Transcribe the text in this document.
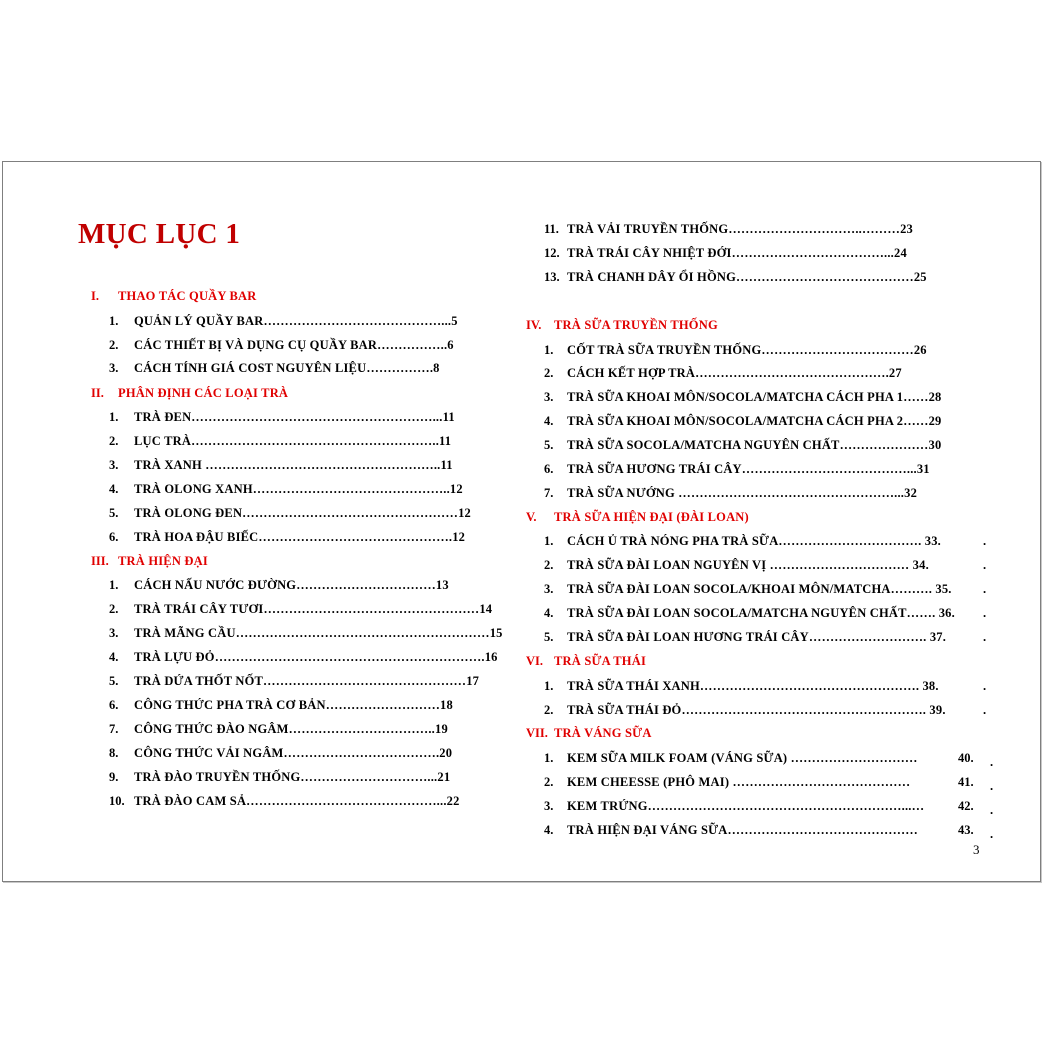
MỤC LỤC 1
I. THAO TÁC QUẦY BAR
1. QUẢN LÝ QUẦY BAR……………………………………...5
2. CÁC THIẾT BỊ VÀ DỤNG CỤ QUẦY BAR……………..6
3. CÁCH TÍNH GIÁ COST NGUYÊN LIỆU…………….8
II. PHÂN ĐỊNH CÁC LOẠI TRÀ
1. TRÀ ĐEN…………………………………………………...11
2. LỤC TRÀ…………………………………………………..11
3. TRÀ XANH ………………………………………………..11
4. TRÀ OLONG XANH………………………………………..12
5. TRÀ OLONG ĐEN……………………………………………12
6. TRÀ HOA ĐẬU BIẾC……………………………………….12
III. TRÀ HIỆN ĐẠI
1. CÁCH NẤU NƯỚC ĐƯỜNG……………………………13
2. TRÀ TRÁI CÂY TƯƠI……………………………………………14
3. TRÀ MÃNG CẦU……………………………………………………15
4. TRÀ LỰU ĐỎ……………………………………………………….16
5. TRÀ DỨA THỐT NỐT…………………………………………17
6. CÔNG THỨC PHA TRÀ CƠ BẢN………………………18
7. CÔNG THỨC ĐÀO NGÂM……………………………..19
8. CÔNG THỨC VẢI NGÂM……………………………….20
9. TRÀ ĐÀO TRUYỀN THỐNG…………………………...21
10. TRÀ ĐÀO CAM SẢ………………………………………...22
11. TRÀ VẢI TRUYỀN THỐNG…………………………..………23
12. TRÀ TRÁI CÂY NHIỆT ĐỚI………………………………...24
13. TRÀ CHANH DÂY ỔI HỒNG……………………………………25
IV. TRÀ SỮA TRUYỀN THỐNG
1. CỐT TRÀ SỮA TRUYỀN THỐNG………………………………26
2. CÁCH KẾT HỢP TRÀ……………………………………….27
3. TRÀ SỮA KHOAI MÔN/SOCOLA/MATCHA CÁCH PHA 1……28
4. TRÀ SỮA KHOAI MÔN/SOCOLA/MATCHA CÁCH PHA 2……29
5. TRÀ SỮA SOCOLA/MATCHA NGUYÊN CHẤT…………………30
6. TRÀ SỮA HƯƠNG TRÁI CÂY…………………………………...31
7. TRÀ SỮA NƯỚNG ……………………………………………...32
V. TRÀ SỮA HIỆN ĐẠI (ĐÀI LOAN)
1. CÁCH Ủ TRÀ NÓNG PHA TRÀ SỮA……………………………. 33.	.
2. TRÀ SỮA ĐÀI LOAN NGUYÊN VỊ …………………………… 34.	.
3. TRÀ SỮA ĐÀI LOAN SOCOLA/KHOAI MÔN/MATCHA………. 35.	.
4. TRÀ SỮA ĐÀI LOAN SOCOLA/MATCHA NGUYÊN CHẤT……. 36. .
5. TRÀ SỮA ĐÀI LOAN HƯƠNG TRÁI CÂY………………………. 37.	.
VI. TRÀ SỮA THÁI
1. TRÀ SỮA THÁI XANH……………………………………………. 38.	.
2. TRÀ SỮA THÁI ĐỎ…………………………………………………. 39.	.
VII. TRÀ VÁNG SỮA
1. KEM SỮA MILK FOAM (VÁNG SỮA) …………………………	40. .
2. KEM CHEESSE (PHÔ MAI) ……………………………………	41. .
3. KEM TRỨNG……………………………………………………...…	42. .
4. TRÀ HIỆN ĐẠI VÁNG SỮA………………………………………	43. .
3
